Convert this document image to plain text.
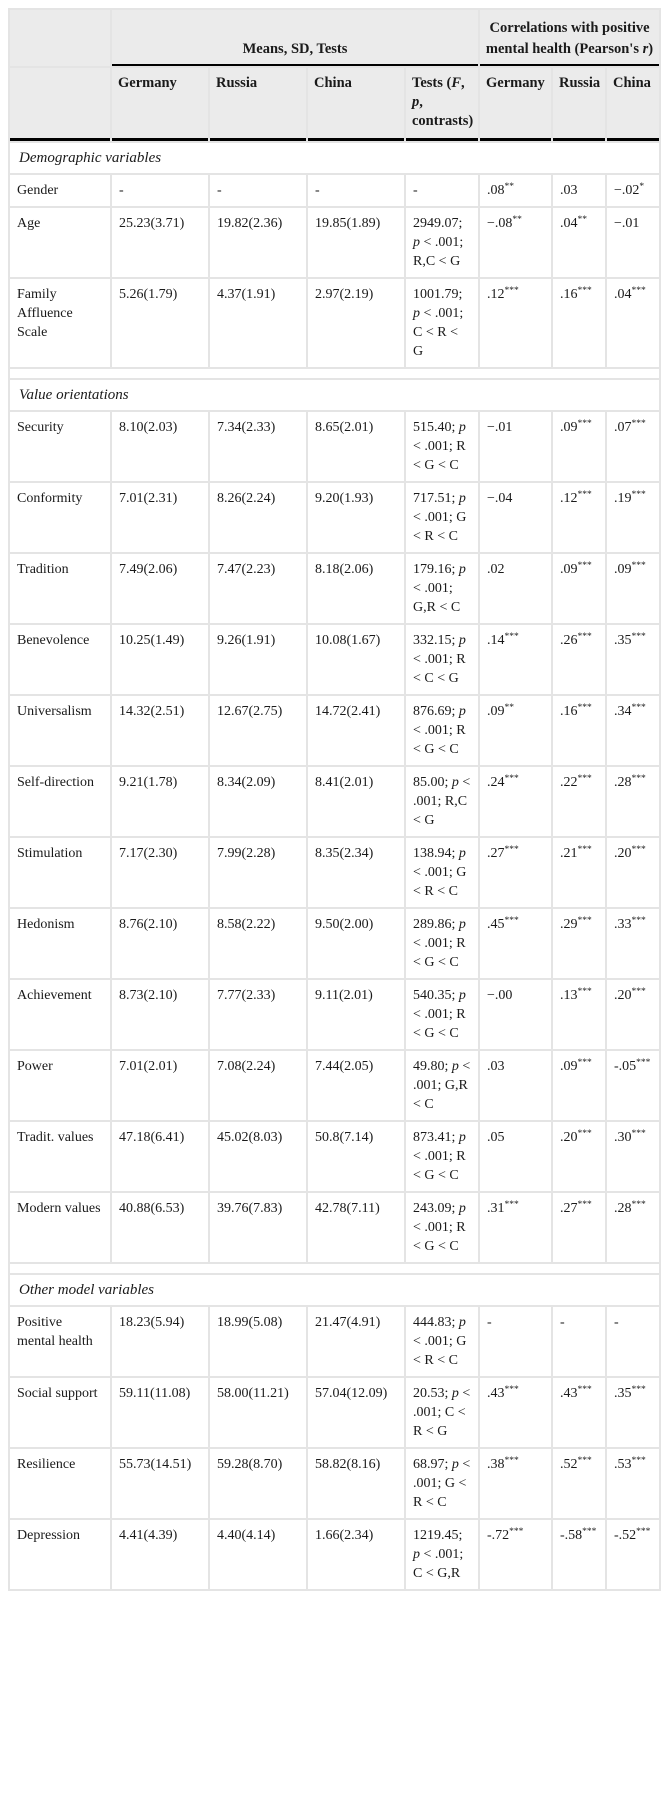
	Means, SD, Tests				Correlations with positive mental health (Pearson's r)		
	Germany	Russia	China	Tests (F, p, contrasts)	Germany	Russia	China
Demographic variables							
Gender	-	-	-	-	.08**	.03	−.02*
Age	25.23(3.71)	19.82(2.36)	19.85(1.89)	2949.07; p < .001; R,C < G	−.08**	.04**	−.01
Family Affluence Scale	5.26(1.79)	4.37(1.91)	2.97(2.19)	1001.79; p < .001; C < R < G	.12***	.16***	.04***

Value orientations							
Security	8.10(2.03)	7.34(2.33)	8.65(2.01)	515.40; p < .001; R < G < C	−.01	.09***	.07***
Conformity	7.01(2.31)	8.26(2.24)	9.20(1.93)	717.51; p < .001; G < R < C	−.04	.12***	.19***
Tradition	7.49(2.06)	7.47(2.23)	8.18(2.06)	179.16; p < .001; G,R < C	.02	.09***	.09***
Benevolence	10.25(1.49)	9.26(1.91)	10.08(1.67)	332.15; p < .001; R < C < G	.14***	.26***	.35***
Universalism	14.32(2.51)	12.67(2.75)	14.72(2.41)	876.69; p < .001; R < G < C	.09**	.16***	.34***
Self-direction	9.21(1.78)	8.34(2.09)	8.41(2.01)	85.00; p < .001; R,C < G	.24***	.22***	.28***
Stimulation	7.17(2.30)	7.99(2.28)	8.35(2.34)	138.94; p < .001; G < R < C	.27***	.21***	.20***
Hedonism	8.76(2.10)	8.58(2.22)	9.50(2.00)	289.86; p < .001; R < G < C	.45***	.29***	.33***
Achievement	8.73(2.10)	7.77(2.33)	9.11(2.01)	540.35; p < .001; R < G < C	−.00	.13***	.20***
Power	7.01(2.01)	7.08(2.24)	7.44(2.05)	49.80; p < .001; G,R < C	.03	.09***	-.05***
Tradit. values	47.18(6.41)	45.02(8.03)	50.8(7.14)	873.41; p < .001; R < G < C	.05	.20***	.30***
Modern values	40.88(6.53)	39.76(7.83)	42.78(7.11)	243.09; p < .001; R < G < C	.31***	.27***	.28***

Other model variables							
Positive mental health	18.23(5.94)	18.99(5.08)	21.47(4.91)	444.83; p < .001; G < R < C	-	-	-
Social support	59.11(11.08)	58.00(11.21)	57.04(12.09)	20.53; p < .001; C < R < G	.43***	.43***	.35***
Resilience	55.73(14.51)	59.28(8.70)	58.82(8.16)	68.97; p < .001; G < R < C	.38***	.52***	.53***
Depression	4.41(4.39)	4.40(4.14)	1.66(2.34)	1219.45; p < .001; C < G,R	-.72***	-.58***	-.52***
